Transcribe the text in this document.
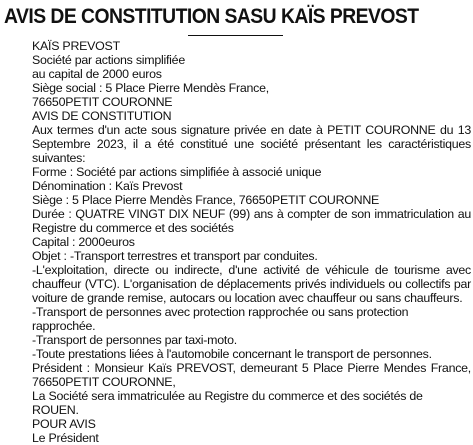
AVIS DE CONSTITUTION SASU KAÏS PREVOST

KAÏS PREVOST

Société par actions simplifiée

au capital de 2000 euros

Siège social : 5 Place Pierre Mendès France,

76650PETIT COURONNE

AVIS DE CONSTITUTION

Aux termes d'un acte sous signature privée en date à PETIT COURONNE du 13 Septembre 2023, il a été constitué une société présentant les caractéristiques suivantes:

Forme : Société par actions simplifiée à associé unique

Dénomination : Kaïs Prevost

Siège : 5 Place Pierre Mendès France, 76650PETIT COURONNE

Durée : QUATRE VINGT DIX NEUF (99) ans à compter de son immatriculation au Registre du commerce et des sociétés

Capital : 2000euros

Objet : -Transport terrestres et transport par conduites.

-L'exploitation, directe ou indirecte, d'une activité de véhicule de tourisme avec chauffeur (VTC). L'organisation de déplacements privés individuels ou collectifs par voiture de grande remise, autocars ou location avec chauffeur ou sans chauffeurs.

-Transport de personnes avec protection rapprochée ou sans protection rapprochée.

-Transport de personnes par taxi-moto.

-Toute prestations liées à l'automobile concernant le transport de personnes.

Président : Monsieur Kaïs PREVOST, demeurant 5 Place Pierre Mendes France, 76650PETIT COURONNE,

La Société sera immatriculée au Registre du commerce et des sociétés de ROUEN.

POUR AVIS

Le Président
